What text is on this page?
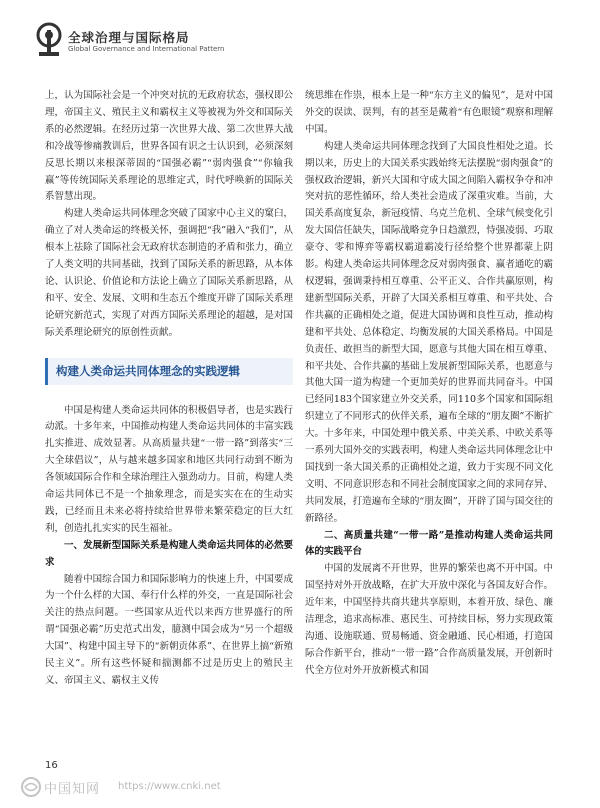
全球治理与国际格局
Global Governance and International Pattern

上，认为国际社会是一个冲突对抗的无政府状态，强权即公理，帝国主义、殖民主义和霸权主义等被视为外交和国际关系的必然逻辑。在经历过第一次世界大战、第二次世界大战和冷战等惨痛教训后，世界各国有识之士认识到，必须深刻反思长期以来根深蒂固的“国强必霸”“弱肉强食”“你输我赢”等传统国际关系理论的思维定式，时代呼唤新的国际关系智慧出现。

构建人类命运共同体理念突破了国家中心主义的窠臼，确立了对人类命运的终极关怀，强调把“我”融入“我们”，从根本上祛除了国际社会无政府状态制造的矛盾和张力，确立了人类文明的共同基础，找到了国际关系的新思路，从本体论、认识论、价值论和方法论上确立了国际关系新思路，从和平、安全、发展、文明和生态五个维度开辟了国际关系理论研究新范式，实现了对西方国际关系理论的超越，是对国际关系理论研究的原创性贡献。

构建人类命运共同体理念的实践逻辑

中国是构建人类命运共同体的积极倡导者，也是实践行动派。十多年来，中国推动构建人类命运共同体的丰富实践扎实推进、成效显著。从高质量共建“一带一路”到落实“三大全球倡议”，从与越来越多国家和地区共同行动到不断为各领域国际合作和全球治理注入强劲动力。目前，构建人类命运共同体已不是一个抽象理念，而是实实在在的生动实践，已经而且未来必将持续给世界带来繁荣稳定的巨大红利，创造扎扎实实的民生福祉。

一、发展新型国际关系是构建人类命运共同体的必然要求

随着中国综合国力和国际影响力的快速上升，中国要成为一个什么样的大国、奉行什么样的外交，一直是国际社会关注的热点问题。一些国家从近代以来西方世界盛行的所谓“国强必霸”历史范式出发，臆测中国会成为“另一个超级大国”、构建中国主导下的“新朝贡体系”、在世界上搞“新殖民主义”。所有这些怀疑和揣测都不过是历史上的殖民主义、帝国主义、霸权主义传

统思维在作祟，根本上是一种“东方主义的偏见”，是对中国外交的误读、误判，有的甚至是戴着“有色眼镜”观察和理解中国。

构建人类命运共同体理念找到了大国良性相处之道。长期以来，历史上的大国关系实践始终无法摆脱“弱肉强食”的强权政治逻辑，新兴大国和守成大国之间陷入霸权争夺和冲突对抗的恶性循环，给人类社会造成了深重灾难。当前，大国关系高度复杂，新冠疫情、乌克兰危机、全球气候变化引发大国信任缺失，国际战略竞争日趋激烈，恃强凌弱、巧取豪夺、零和博弈等霸权霸道霸凌行径给整个世界都蒙上阴影。构建人类命运共同体理念反对弱肉强食、赢者通吃的霸权逻辑，强调秉持相互尊重、公平正义、合作共赢原则，构建新型国际关系，开辟了大国关系相互尊重、和平共处、合作共赢的正确相处之道，促进大国协调和良性互动，推动构建和平共处、总体稳定、均衡发展的大国关系格局。中国是负责任、敢担当的新型大国，愿意与其他大国在相互尊重、和平共处、合作共赢的基础上发展新型国际关系，也愿意与其他大国一道为构建一个更加美好的世界而共同奋斗。中国已经同183个国家建立外交关系，同110多个国家和国际组织建立了不同形式的伙伴关系，遍布全球的“朋友圈”不断扩大。十多年来，中国处理中俄关系、中美关系、中欧关系等一系列大国外交的实践表明，构建人类命运共同体理念让中国找到一条大国关系的正确相处之道，致力于实现不同文化文明、不同意识形态和不同社会制度国家之间的求同存异、共同发展，打造遍布全球的“朋友圈”，开辟了国与国交往的新路径。

二、高质量共建“一带一路”是推动构建人类命运共同体的实践平台

中国的发展离不开世界，世界的繁荣也离不开中国。中国坚持对外开放战略，在扩大开放中深化与各国友好合作。近年来，中国坚持共商共建共享原则，本着开放、绿色、廉洁理念，追求高标准、惠民生、可持续目标，努力实现政策沟通、设施联通、贸易畅通、资金融通、民心相通，打造国际合作新平台，推动“一带一路”合作高质量发展，开创新时代全方位对外开放新模式和国

16
中国知网 https://www.cnki.net
